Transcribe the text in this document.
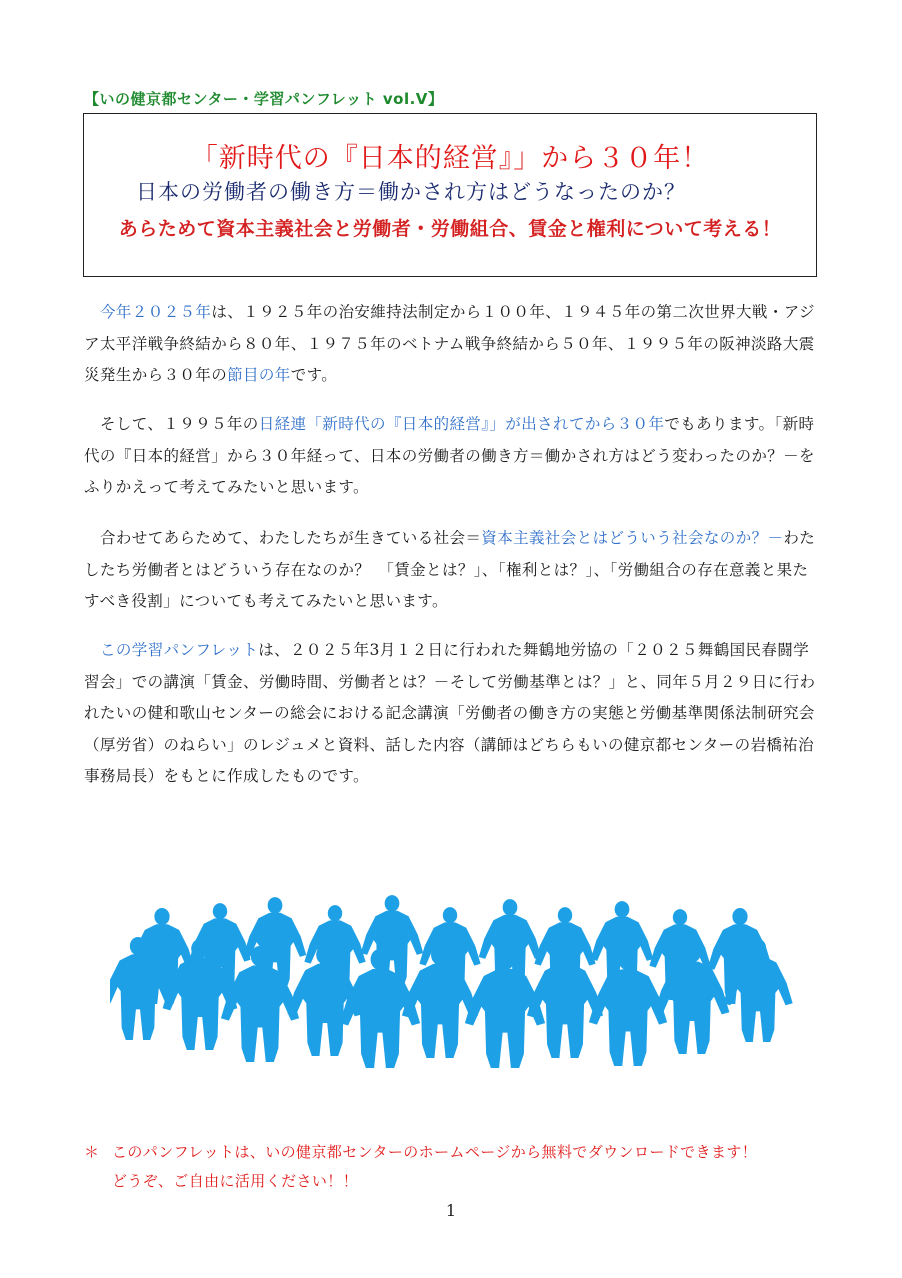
【いの健京都センター・学習パンフレット vol.Ⅴ】
「新時代の『日本的経営』」から３０年！
日本の労働者の働き方＝働かされ方はどうなったのか？
あらためて資本主義社会と労働者・労働組合、賃金と権利について考える！

今年２０２５年は、１９２５年の治安維持法制定から１００年、１９４５年の第二次世界大戦・アジア太平洋戦争終結から８０年、１９７５年のベトナム戦争終結から５０年、１９９５年の阪神淡路大震災発生から３０年の節目の年です。

そして、１９９５年の日経連「新時代の『日本的経営』」が出されてから３０年でもあります。「新時代の『日本的経営」から３０年経って、日本の労働者の働き方＝働かされ方はどう変わったのか？－をふりかえって考えてみたいと思います。

合わせてあらためて、わたしたちが生きている社会＝資本主義社会とはどういう社会なのか？－わたしたち労働者とはどういう存在なのか？　「賃金とは？」、「権利とは？」、「労働組合の存在意義と果たすべき役割」についても考えてみたいと思います。

この学習パンフレットは、２０２５年3月１２日に行われた舞鶴地労協の「２０２５舞鶴国民春闘学習会」での講演「賃金、労働時間、労働者とは？－そして労働基準とは？」と、同年５月２９日に行われたいの健和歌山センターの総会における記念講演「労働者の働き方の実態と労働基準関係法制研究会（厚労省）のねらい」のレジュメと資料、話した内容（講師はどちらもいの健京都センターの岩橋祐治事務局長）をもとに作成したものです。

＊ このパンフレットは、いの健京都センターのホームページから無料でダウンロードできます！
どうぞ、ご自由に活用ください！！
1
